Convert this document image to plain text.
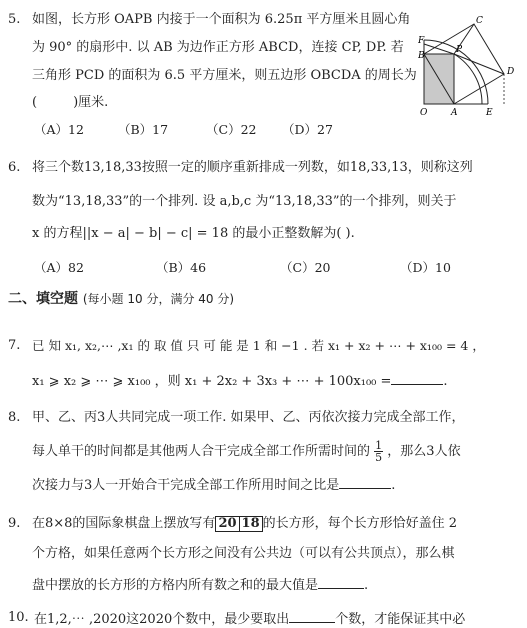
5. 如图，长方形 OAPB 内接于一个面积为 6.25π 平方厘米且圆心角
为 90° 的扇形中. 以 AB 为边作正方形 ABCD，连接 CP, DP. 若
三角形 PCD 的面积为 6.5 平方厘米，则五边形 OBCDA 的周长为
(	)厘米.
（A）12	（B）17	（C）22 （D）27
C
F
P
B
D
O	A	E
6. 将三个数13,18,33按照一定的顺序重新排成一列数，如18,33,13，则称这列
数为“13,18,33”的一个排列. 设 a,b,c 为“13,18,33”的一个排列，则关于
x 的方程||x − a| − b| − c| = 18 的最小正整数解为( ).
（A）82	（B）46	（C）20	（D）10
二、填空题 (每小题 10 分，满分 40 分)
7. 已 知 x₁, x₂,⋯ ,x₁ 的 取 值 只 可 能 是 1 和 −1 . 若 x₁ + x₂ + ⋯ + x₁₀₀ = 4 ，
x₁ ⩾ x₂ ⩾ ⋯ ⩾ x₁₀₀ ，则 x₁ + 2x₂ + 3x₃ + ⋯ + 100x₁₀₀ =	.
8. 甲、乙、丙3人共同完成一项工作. 如果甲、乙、丙依次接力完成全部工作，
每人单干的时间都是其他两人合干完成全部工作所需时间的 $\frac{1}{5}$ ，那么3人依
次接力与3人一开始合干完成全部工作所用时间之比是	.
9. 在8×8的国际象棋盘上摆放写有 20 18 的长方形，每个长方形恰好盖住 2
个方格，如果任意两个长方形之间没有公共边（可以有公共顶点），那么棋
盘中摆放的长方形的方格内所有数之和的最大值是	.
10. 在1,2,⋯ ,2020这2020个数中，最少要取出	个数，才能保证其中必
